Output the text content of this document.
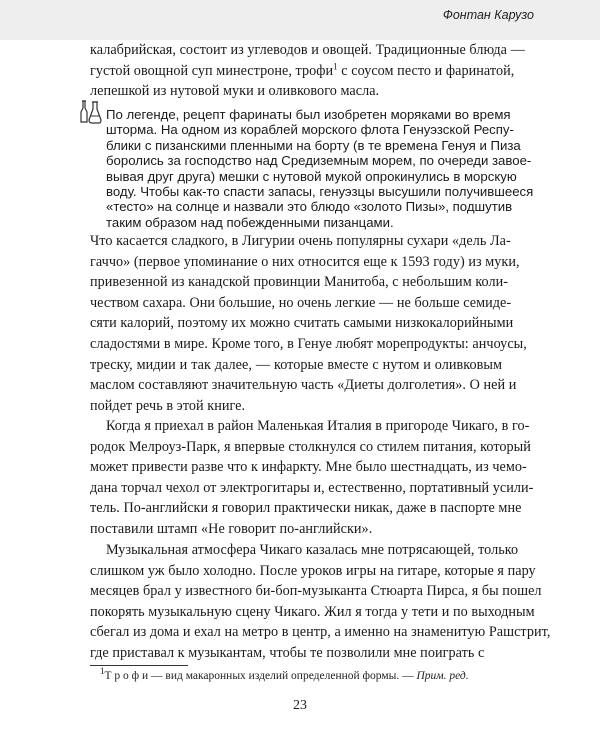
Фонтан Карузо
калабрийская, состоит из углеводов и овощей. Традиционные блюда —
густой овощной суп минестроне, трофи$^1$ с соусом песто и фаринатой,
лепешкой из нутовой муки и оливкового масла.
По легенде, рецепт фаринаты был изобретен моряками во время
шторма. На одном из кораблей морского флота Генуэзской Респу-
блики с пизанскими пленными на борту (в те времена Генуя и Пиза
боролись за господство над Средиземным морем, по очереди завое-
вывая друг друга) мешки с нутовой мукой опрокинулись в морскую
воду. Чтобы как-то спасти запасы, генуэзцы высушили получившееся
«тесто» на солнце и назвали это блюдо «золото Пизы», подшутив
таким образом над побежденными пизанцами.
Что касается сладкого, в Лигурии очень популярны сухари «дель Ла-
гаччо» (первое упоминание о них относится еще к 1593 году) из муки,
привезенной из канадской провинции Манитоба, с небольшим коли-
чеством сахара. Они большие, но очень легкие — не больше семиде-
сяти калорий, поэтому их можно считать самыми низкокалорийными
сладостями в мире. Кроме того, в Генуе любят морепродукты: анчоусы,
треску, мидии и так далее, — которые вместе с нутом и оливковым
маслом составляют значительную часть «Диеты долголетия». О ней и
пойдет речь в этой книге.
Когда я приехал в район Маленькая Италия в пригороде Чикаго, в го-
родок Мелроуз-Парк, я впервые столкнулся со стилем питания, который
может привести разве что к инфаркту. Мне было шестнадцать, из чемо-
дана торчал чехол от электрогитары и, естественно, портативный усили-
тель. По-английски я говорил практически никак, даже в паспорте мне
поставили штамп «Не говорит по-английски».
Музыкальная атмосфера Чикаго казалась мне потрясающей, только
слишком уж было холодно. После уроков игры на гитаре, которые я пару
месяцев брал у известного би-боп-музыканта Стюарта Пирса, я бы пошел
покорять музыкальную сцену Чикаго. Жил я тогда у тети и по выходным
сбегал из дома и ехал на метро в центр, а именно на знаменитую Рашстрит,
где приставал к музыкантам, чтобы те позволили мне поиграть с
$^1$Т р о ф и — вид макаронных изделий определенной формы. — Прим. ред.
23
